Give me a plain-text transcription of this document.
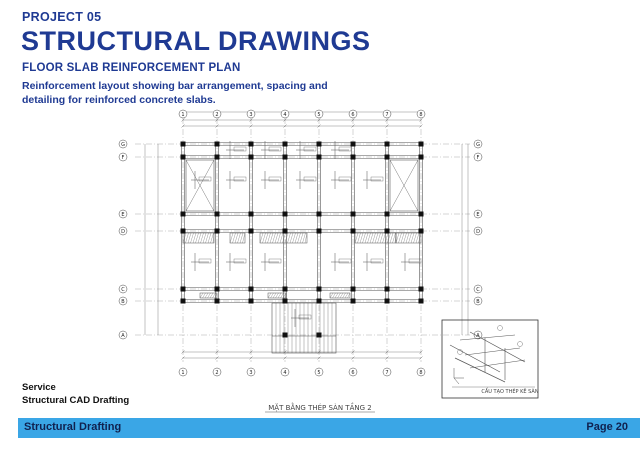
PROJECT 05
STRUCTURAL DRAWINGS
FLOOR SLAB REINFORCEMENT PLAN
Reinforcement layout showing bar arrangement, spacing and detailing for reinforced concrete slabs.
1
1
2
2
3
3
4
4
5
5
6
6
7
7
8
8
G	G
F	F
E	E
D	D
C	C
B	B
A	A
MẶT BẰNG THÉP SÀN TẦNG 2
CẤU TẠO THÉP KÊ SÀN
Service
Structural CAD Drafting
Structural Drafting	Page 20
